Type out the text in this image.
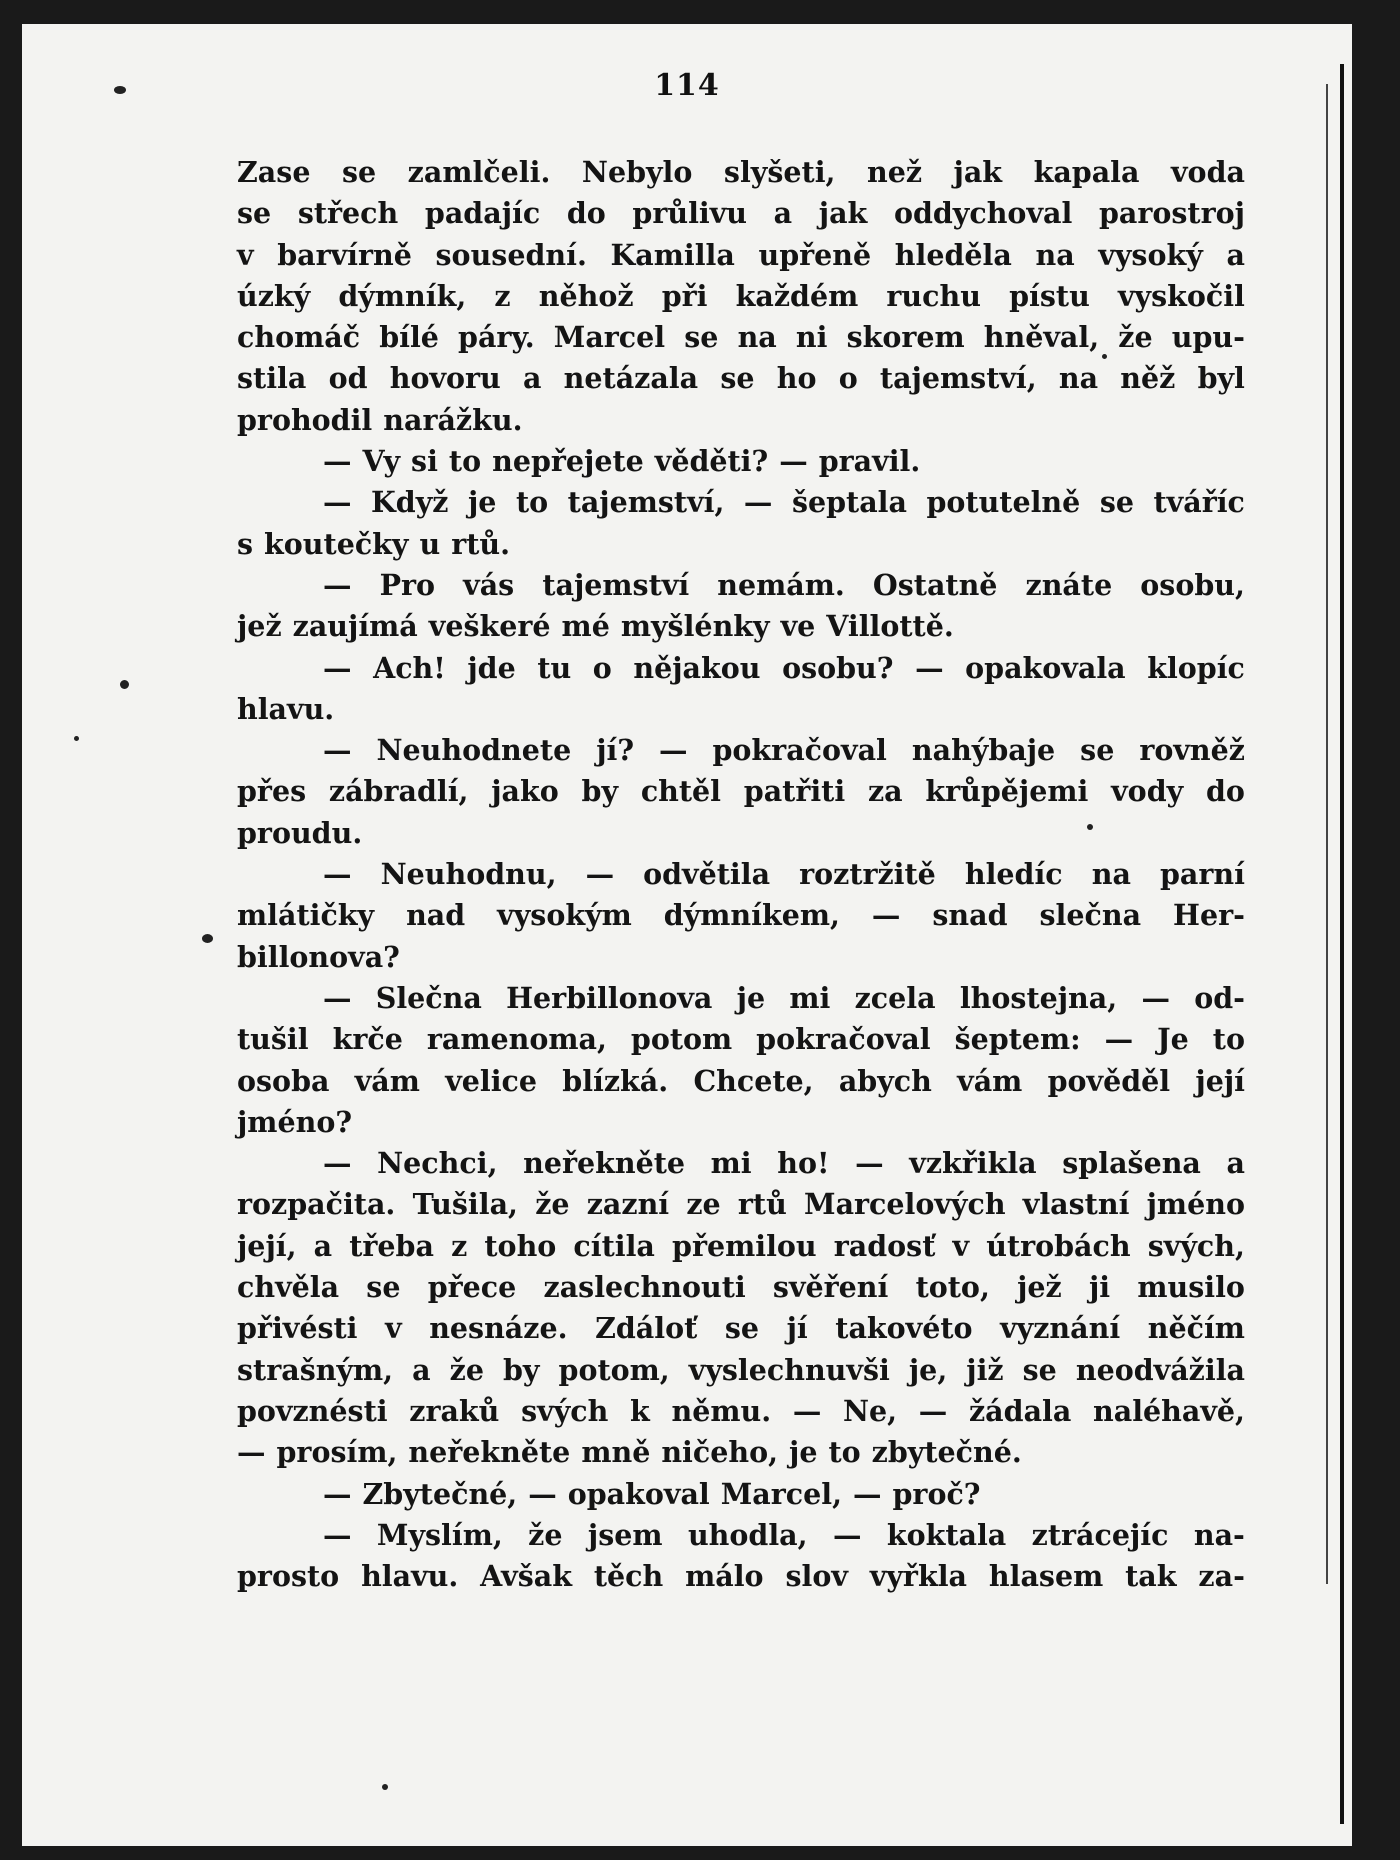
114
Zase se zamlčeli. Nebylo slyšeti, než jak kapala voda
se střech padajíc do průlivu a jak oddychoval parostroj
v barvírně sousední. Kamilla upřeně hleděla na vysoký a
úzký dýmník, z něhož při každém ruchu pístu vyskočil
chomáč bílé páry. Marcel se na ni skorem hněval, že upu-
stila od hovoru a netázala se ho o tajemství, na něž byl
prohodil narážku.
— Vy si to nepřejete věděti? — pravil.
— Když je to tajemství, — šeptala potutelně se tváříc
s koutečky u rtů.
— Pro vás tajemství nemám. Ostatně znáte osobu,
jež zaujímá veškeré mé myšlénky ve Villottě.
— Ach! jde tu o nějakou osobu? — opakovala klopíc
hlavu.
— Neuhodnete jí? — pokračoval nahýbaje se rovněž
přes zábradlí, jako by chtěl patřiti za krůpějemi vody do
proudu.
— Neuhodnu, — odvětila roztržitě hledíc na parní
mlátičky nad vysokým dýmníkem, — snad slečna Her-
billonova?
— Slečna Herbillonova je mi zcela lhostejna, — od-
tušil krče ramenoma, potom pokračoval šeptem: — Je to
osoba vám velice blízká. Chcete, abych vám pověděl její
jméno?
— Nechci, neřekněte mi ho! — vzkřikla splašena a
rozpačita. Tušila, že zazní ze rtů Marcelových vlastní jméno
její, a třeba z toho cítila přemilou radosť v útrobách svých,
chvěla se přece zaslechnouti svěření toto, jež ji musilo
přivésti v nesnáze. Zdáloť se jí takovéto vyznání něčím
strašným, a že by potom, vyslechnuvši je, již se neodvážila
povznésti zraků svých k němu. — Ne, — žádala naléhavě,
— prosím, neřekněte mně ničeho, je to zbytečné.
— Zbytečné, — opakoval Marcel, — proč?
— Myslím, že jsem uhodla, — koktala ztrácejíc na-
prosto hlavu. Avšak těch málo slov vyřkla hlasem tak za-
